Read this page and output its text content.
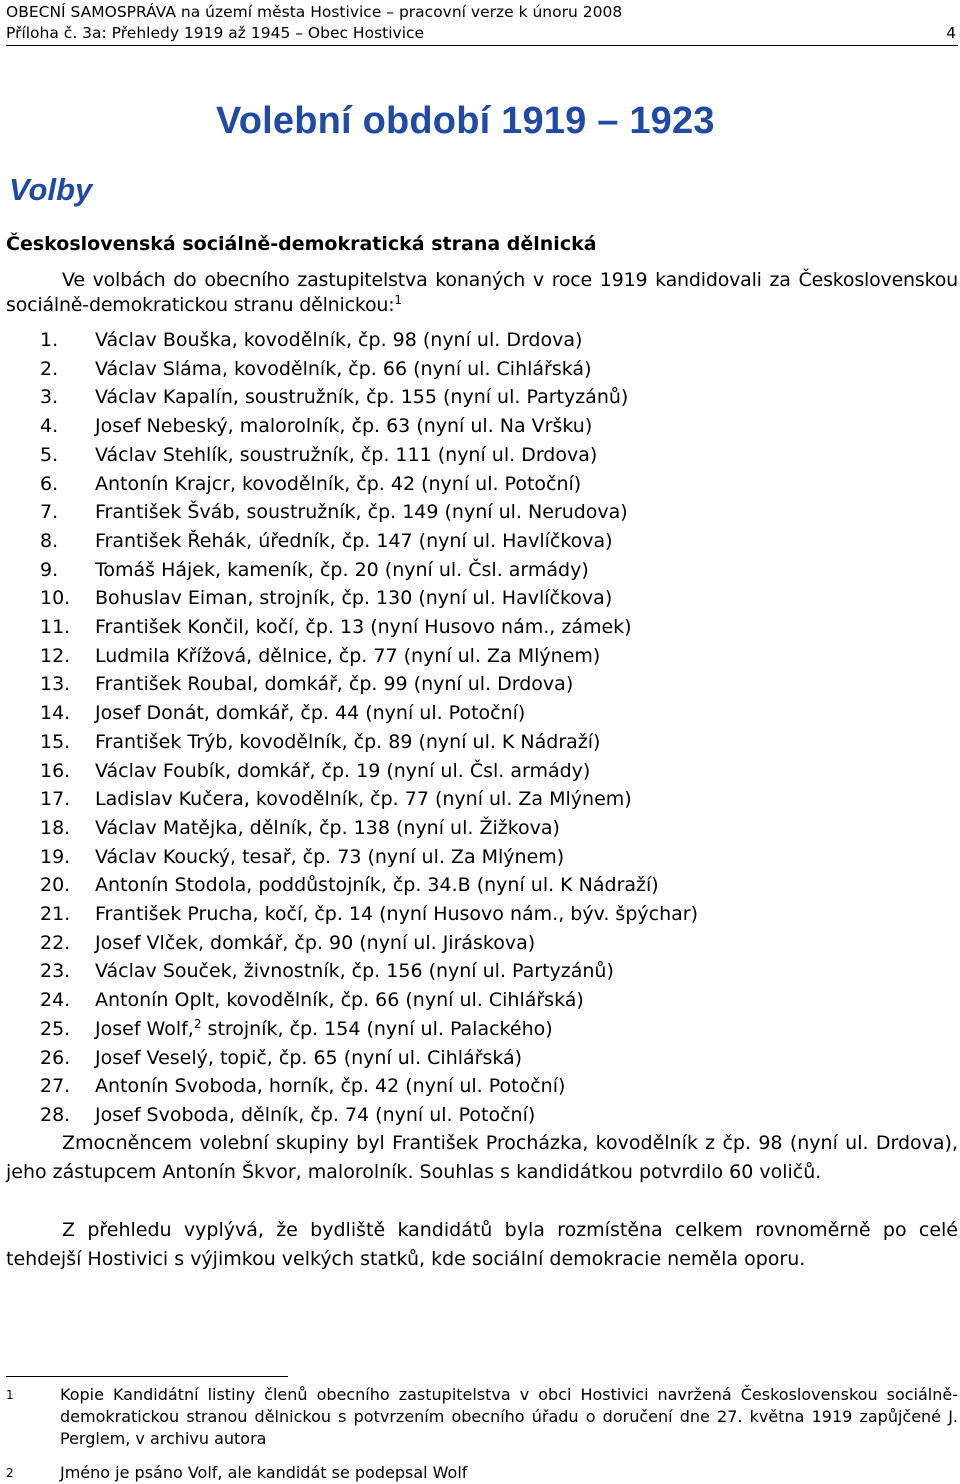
OBECNÍ SAMOSPRÁVA na území města Hostivice – pracovní verze k únoru 2008
Příloha č. 3a: Přehledy 1919 až 1945 – Obec Hostivice	4
Volební období 1919 – 1923
Volby
Československá sociálně-demokratická strana dělnická

Ve volbách do obecního zastupitelstva konaných v roce 1919 kandidovali za Československou sociálně-demokratickou stranu dělnickou:$^1$

1. Václav Bouška, kovodělník, čp. 98 (nyní ul. Drdova)
2. Václav Sláma, kovodělník, čp. 66 (nyní ul. Cihlářská)
3. Václav Kapalín, soustružník, čp. 155 (nyní ul. Partyzánů)
4. Josef Nebeský, malorolník, čp. 63 (nyní ul. Na Vršku)
5. Václav Stehlík, soustružník, čp. 111 (nyní ul. Drdova)
6. Antonín Krajcr, kovodělník, čp. 42 (nyní ul. Potoční)
7. František Šváb, soustružník, čp. 149 (nyní ul. Nerudova)
8. František Řehák, úředník, čp. 147 (nyní ul. Havlíčkova)
9. Tomáš Hájek, kameník, čp. 20 (nyní ul. Čsl. armády)
10. Bohuslav Eiman, strojník, čp. 130 (nyní ul. Havlíčkova)
11. František Končil, kočí, čp. 13 (nyní Husovo nám., zámek)
12. Ludmila Křížová, dělnice, čp. 77 (nyní ul. Za Mlýnem)
13. František Roubal, domkář, čp. 99 (nyní ul. Drdova)
14. Josef Donát, domkář, čp. 44 (nyní ul. Potoční)
15. František Trýb, kovodělník, čp. 89 (nyní ul. K Nádraží)
16. Václav Foubík, domkář, čp. 19 (nyní ul. Čsl. armády)
17. Ladislav Kučera, kovodělník, čp. 77 (nyní ul. Za Mlýnem)
18. Václav Matějka, dělník, čp. 138 (nyní ul. Žižkova)
19. Václav Koucký, tesař, čp. 73 (nyní ul. Za Mlýnem)
20. Antonín Stodola, poddůstojník, čp. 34.B (nyní ul. K Nádraží)
21. František Prucha, kočí, čp. 14 (nyní Husovo nám., býv. špýchar)
22. Josef Vlček, domkář, čp. 90 (nyní ul. Jiráskova)
23. Václav Souček, živnostník, čp. 156 (nyní ul. Partyzánů)
24. Antonín Oplt, kovodělník, čp. 66 (nyní ul. Cihlářská)
25. Josef Wolf,$^2$ strojník, čp. 154 (nyní ul. Palackého)
26. Josef Veselý, topič, čp. 65 (nyní ul. Cihlářská)
27. Antonín Svoboda, horník, čp. 42 (nyní ul. Potoční)
28. Josef Svoboda, dělník, čp. 74 (nyní ul. Potoční)

Zmocněncem volební skupiny byl František Procházka, kovodělník z čp. 98 (nyní ul. Drdova), jeho zástupcem Antonín Škvor, malorolník. Souhlas s kandidátkou potvrdilo 60 voličů.

Z přehledu vyplývá, že bydliště kandidátů byla rozmístěna celkem rovnoměrně po celé tehdejší Hostivici s výjimkou velkých statků, kde sociální demokracie neměla oporu.

1	Kopie Kandidátní listiny členů obecního zastupitelstva v obci Hostivici navržená Československou sociálně-demokratickou stranou dělnickou s potvrzením obecního úřadu o doručení dne 27. května 1919 zapůjčené J. Perglem, v archivu autora
2	Jméno je psáno Volf, ale kandidát se podepsal Wolf
